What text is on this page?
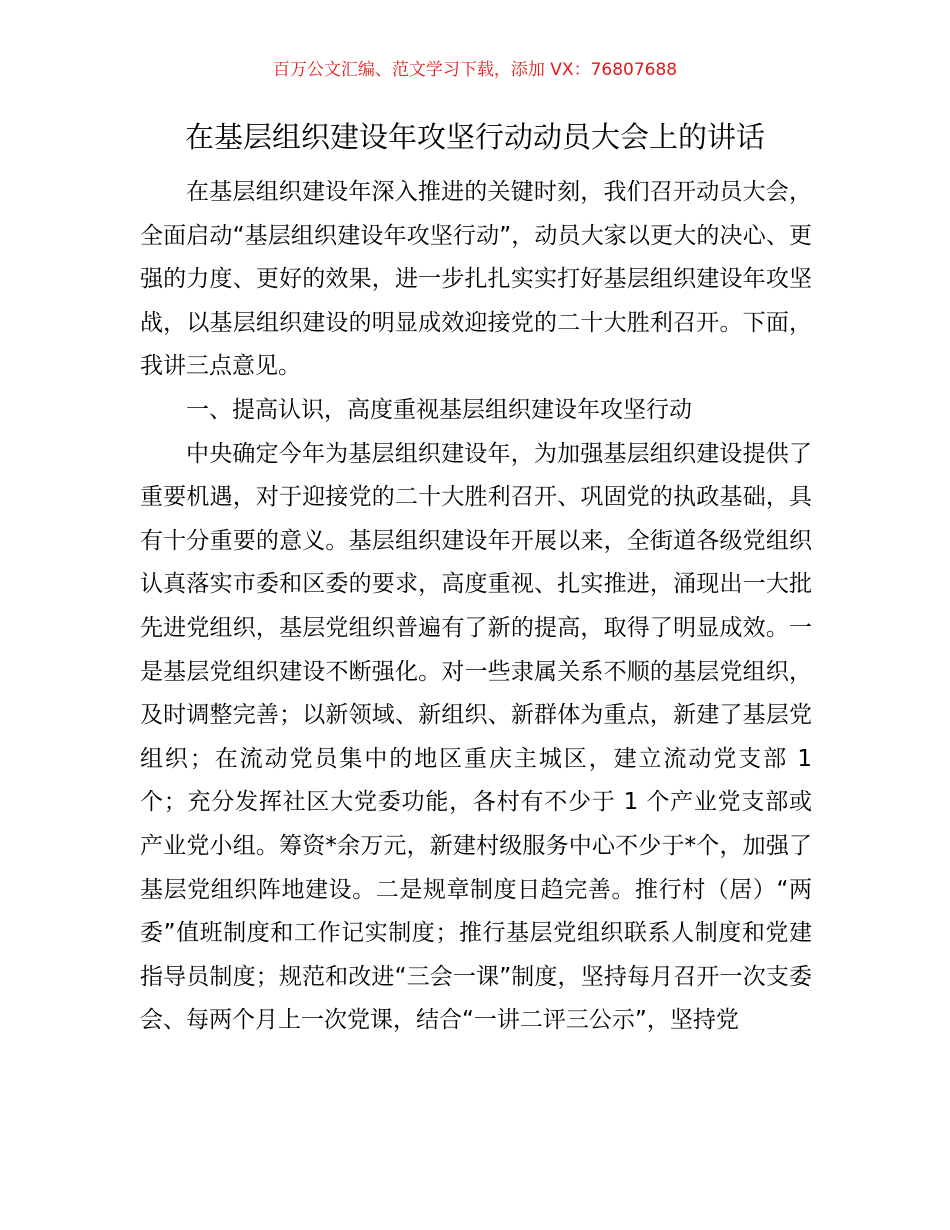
百万公文汇编、范文学习下载，添加 VX：76807688
在基层组织建设年攻坚行动动员大会上的讲话

在基层组织建设年深入推进的关键时刻，我们召开动员大会，全面启动“基层组织建设年攻坚行动”，动员大家以更大的决心、更强的力度、更好的效果，进一步扎扎实实打好基层组织建设年攻坚战，以基层组织建设的明显成效迎接党的二十大胜利召开。下面，我讲三点意见。

一、提高认识，高度重视基层组织建设年攻坚行动

中央确定今年为基层组织建设年，为加强基层组织建设提供了重要机遇，对于迎接党的二十大胜利召开、巩固党的执政基础，具有十分重要的意义。基层组织建设年开展以来，全街道各级党组织认真落实市委和区委的要求，高度重视、扎实推进，涌现出一大批先进党组织，基层党组织普遍有了新的提高，取得了明显成效。一是基层党组织建设不断强化。对一些隶属关系不顺的基层党组织，及时调整完善；以新领域、新组织、新群体为重点，新建了基层党组织；在流动党员集中的地区重庆主城区，建立流动党支部 1 个；充分发挥社区大党委功能，各村有不少于 1 个产业党支部或产业党小组。筹资*余万元，新建村级服务中心不少于*个，加强了基层党组织阵地建设。二是规章制度日趋完善。推行村（居）“两委”值班制度和工作记实制度；推行基层党组织联系人制度和党建指导员制度；规范和改进“三会一课”制度，坚持每月召开一次支委会、每两个月上一次党课，结合“一讲二评三公示”，坚持党
